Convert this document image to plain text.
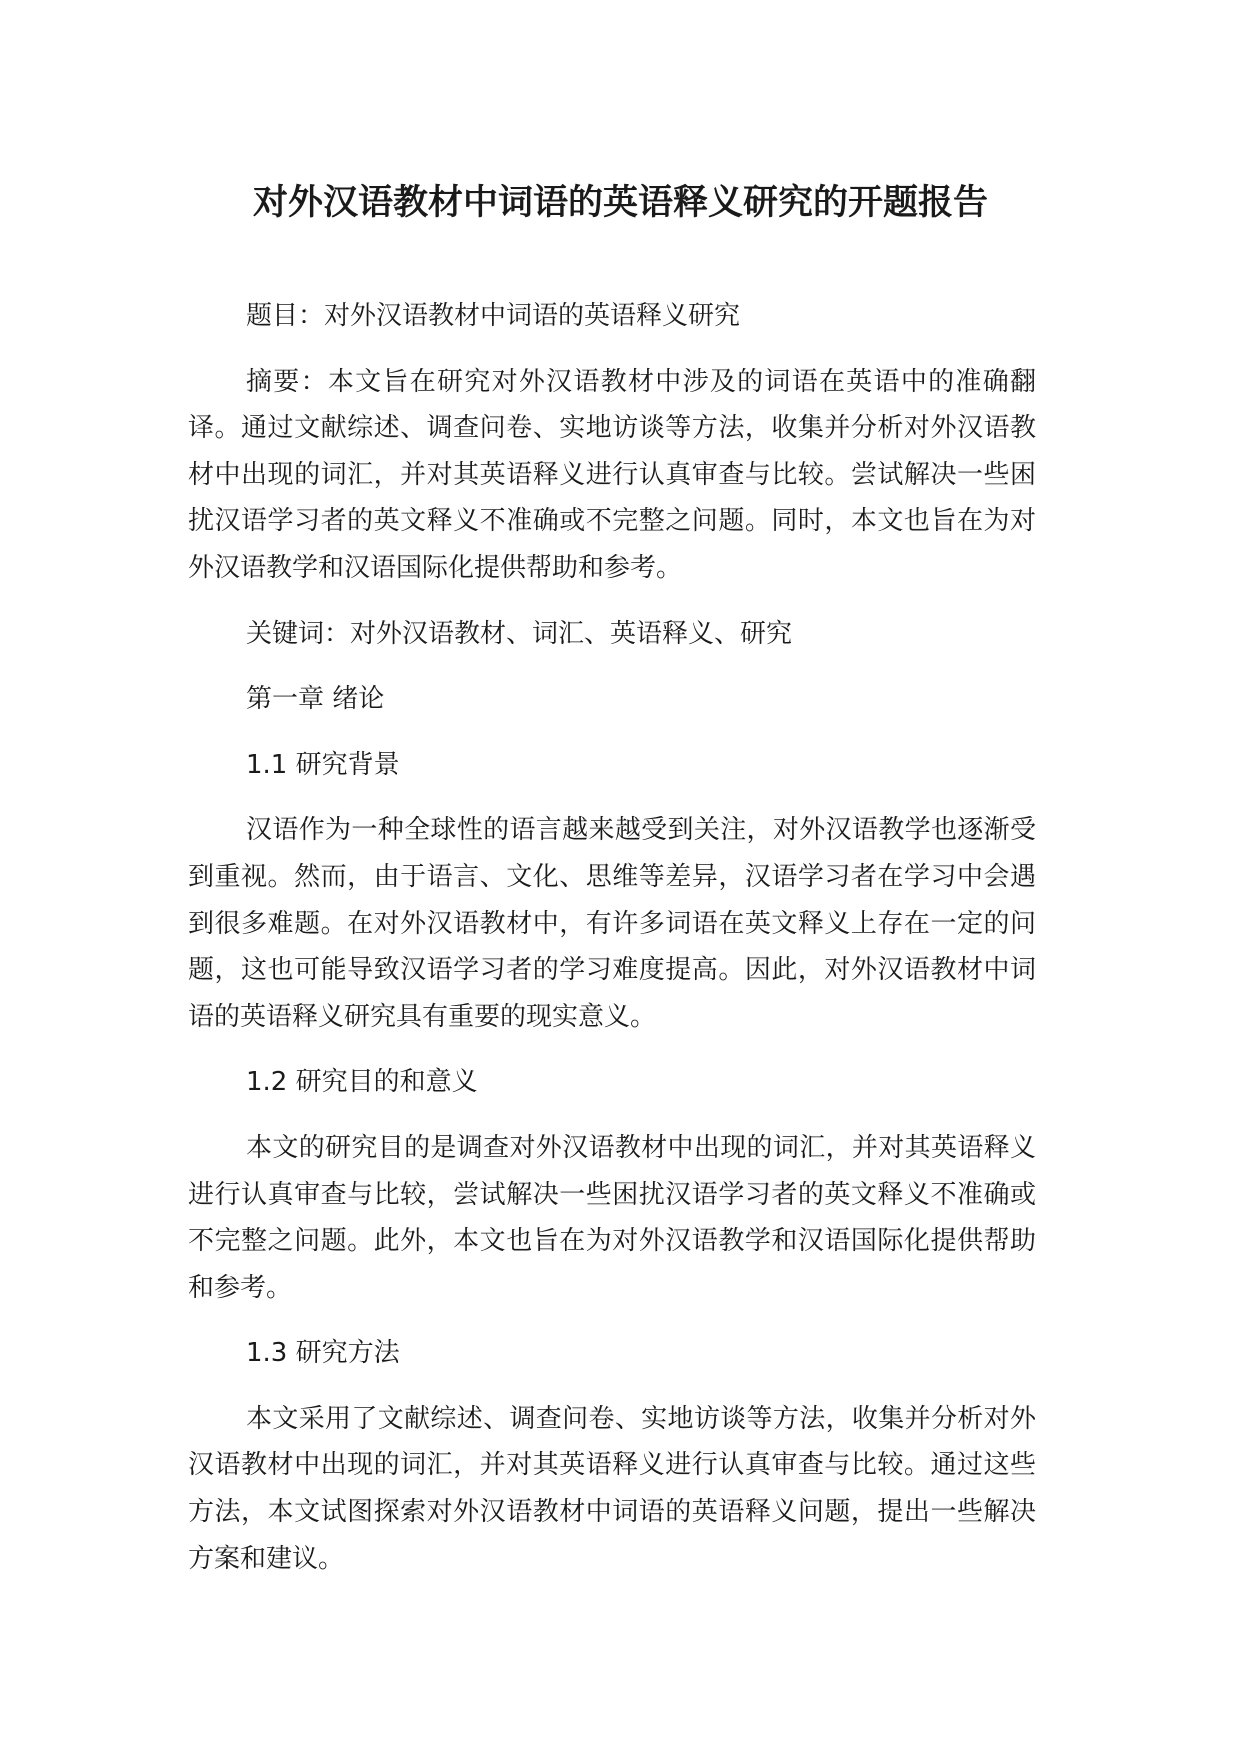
对外汉语教材中词语的英语释义研究的开题报告

题目：对外汉语教材中词语的英语释义研究

摘要：本文旨在研究对外汉语教材中涉及的词语在英语中的准确翻译。通过文献综述、调查问卷、实地访谈等方法，收集并分析对外汉语教材中出现的词汇，并对其英语释义进行认真审查与比较。尝试解决一些困扰汉语学习者的英文释义不准确或不完整之问题。同时，本文也旨在为对外汉语教学和汉语国际化提供帮助和参考。

关键词：对外汉语教材、词汇、英语释义、研究

第一章 绪论

1.1 研究背景

汉语作为一种全球性的语言越来越受到关注，对外汉语教学也逐渐受到重视。然而，由于语言、文化、思维等差异，汉语学习者在学习中会遇到很多难题。在对外汉语教材中，有许多词语在英文释义上存在一定的问题，这也可能导致汉语学习者的学习难度提高。因此，对外汉语教材中词语的英语释义研究具有重要的现实意义。

1.2 研究目的和意义

本文的研究目的是调查对外汉语教材中出现的词汇，并对其英语释义进行认真审查与比较，尝试解决一些困扰汉语学习者的英文释义不准确或不完整之问题。此外，本文也旨在为对外汉语教学和汉语国际化提供帮助和参考。

1.3 研究方法

本文采用了文献综述、调查问卷、实地访谈等方法，收集并分析对外汉语教材中出现的词汇，并对其英语释义进行认真审查与比较。通过这些方法，本文试图探索对外汉语教材中词语的英语释义问题，提出一些解决方案和建议。
